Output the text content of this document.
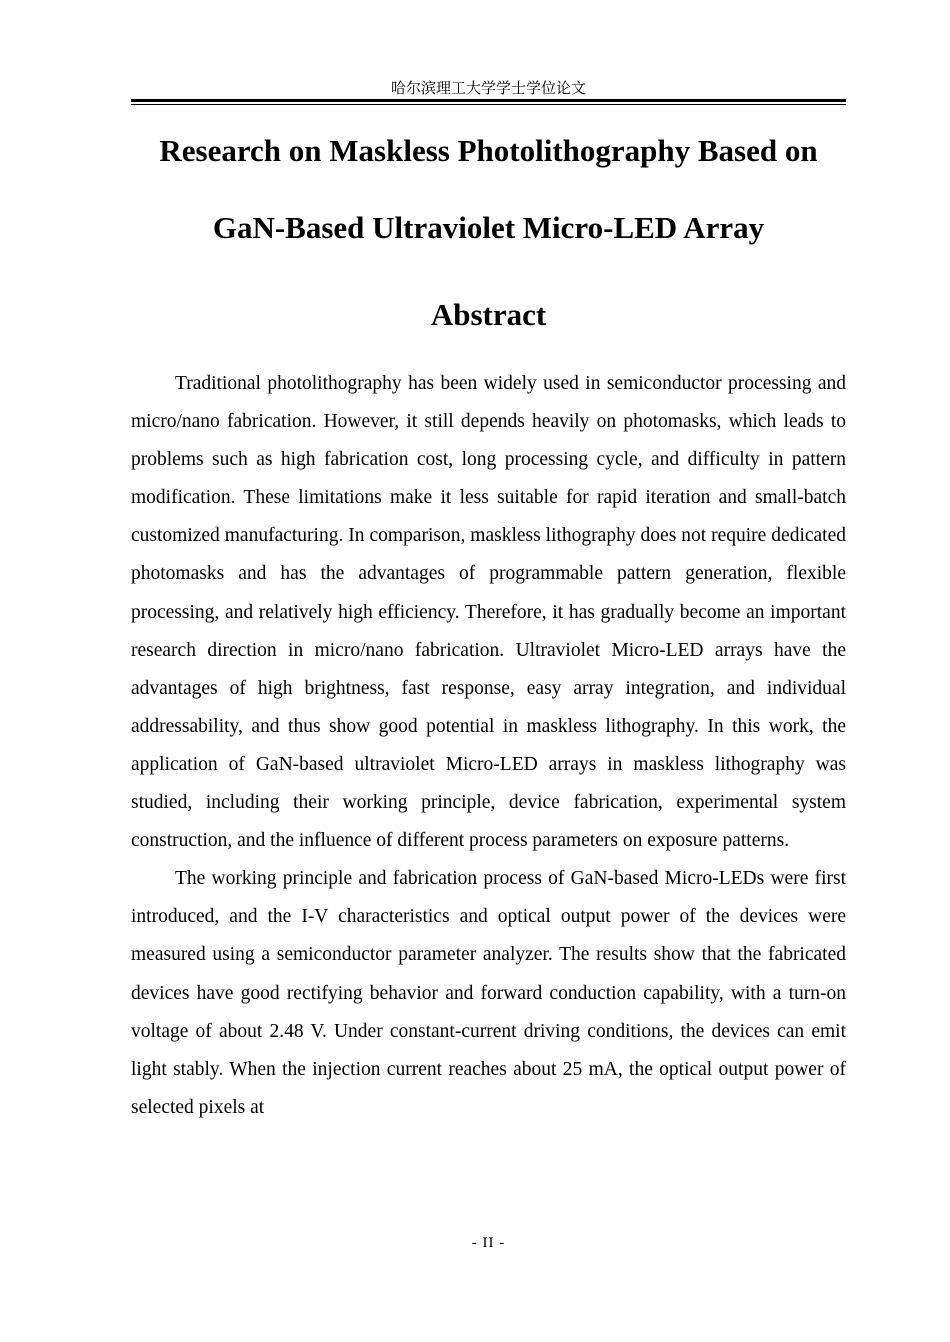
哈尔滨理工大学学士学位论文
Research on Maskless Photolithography Based on
GaN-Based Ultraviolet Micro-LED Array
Abstract

Traditional photolithography has been widely used in semiconductor processing and micro/nano fabrication. However, it still depends heavily on photomasks, which leads to problems such as high fabrication cost, long processing cycle, and difficulty in pattern modification. These limitations make it less suitable for rapid iteration and small-batch customized manufacturing. In comparison, maskless lithography does not require dedicated photomasks and has the advantages of programmable pattern generation, flexible processing, and relatively high efficiency. Therefore, it has gradually become an important research direction in micro/nano fabrication. Ultraviolet Micro-LED arrays have the advantages of high brightness, fast response, easy array integration, and individual addressability, and thus show good potential in maskless lithography. In this work, the application of GaN-based ultraviolet Micro-LED arrays in maskless lithography was studied, including their working principle, device fabrication, experimental system construction, and the influence of different process parameters on exposure patterns.

The working principle and fabrication process of GaN-based Micro-LEDs were first introduced, and the I-V characteristics and optical output power of the devices were measured using a semiconductor parameter analyzer. The results show that the fabricated devices have good rectifying behavior and forward conduction capability, with a turn-on voltage of about 2.48 V. Under constant-current driving conditions, the devices can emit light stably. When the injection current reaches about 25 mA, the optical output power of selected pixels at

- II -
